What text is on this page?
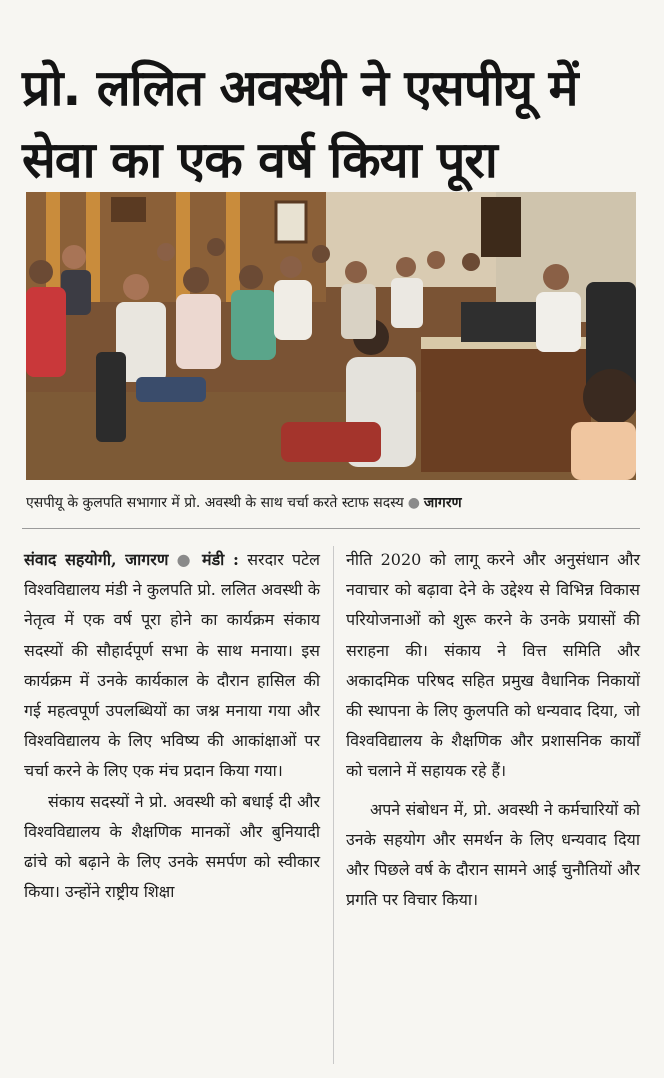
प्रो. ललित अवस्थी ने एसपीयू में सेवा का एक वर्ष किया पूरा
एसपीयू के कुलपति सभागार में प्रो. अवस्थी के साथ चर्चा करते स्टाफ सदस्य ● जागरण

संवाद सहयोगी, जागरण ● मंडी : सरदार पटेल विश्वविद्यालय मंडी ने कुलपति प्रो. ललित अवस्थी के नेतृत्व में एक वर्ष पूरा होने का कार्यक्रम संकाय सदस्यों की सौहार्दपूर्ण सभा के साथ मनाया। इस कार्यक्रम में उनके कार्यकाल के दौरान हासिल की गई महत्वपूर्ण उपलब्धियों का जश्न मनाया गया और विश्वविद्यालय के लिए भविष्य की आकांक्षाओं पर चर्चा करने के लिए एक मंच प्रदान किया गया।

संकाय सदस्यों ने प्रो. अवस्थी को बधाई दी और विश्वविद्यालय के शैक्षणिक मानकों और बुनियादी ढांचे को बढ़ाने के लिए उनके समर्पण को स्वीकार किया। उन्होंने राष्ट्रीय शिक्षा

नीति 2020 को लागू करने और अनुसंधान और नवाचार को बढ़ावा देने के उद्देश्य से विभिन्न विकास परियोजनाओं को शुरू करने के उनके प्रयासों की सराहना की। संकाय ने वित्त समिति और अकादमिक परिषद सहित प्रमुख वैधानिक निकायों की स्थापना के लिए कुलपति को धन्यवाद दिया, जो विश्वविद्यालय के शैक्षणिक और प्रशासनिक कार्यों को चलाने में सहायक रहे हैं।

अपने संबोधन में, प्रो. अवस्थी ने कर्मचारियों को उनके सहयोग और समर्थन के लिए धन्यवाद दिया और पिछले वर्ष के दौरान सामने आई चुनौतियों और प्रगति पर विचार किया।
